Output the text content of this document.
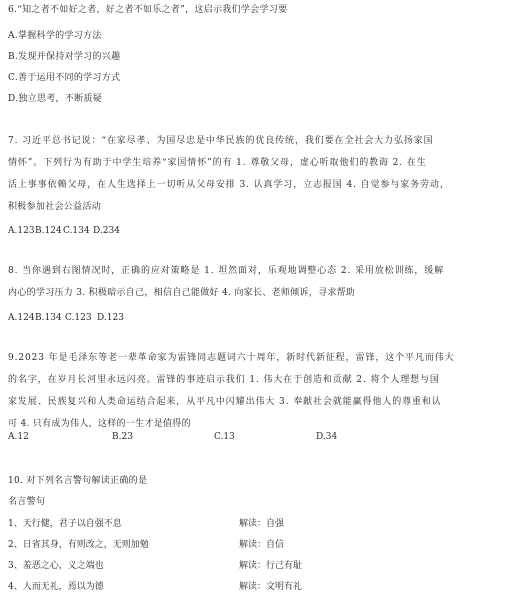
6.“知之者不如好之者，好之者不如乐之者”，这启示我们学会学习要
A.掌握科学的学习方法
B.发现并保持对学习的兴趣
C.善于运用不同的学习方式
D.独立思考，不断质疑
7. 习近平总书记说：“在家尽孝、为国尽忠是中华民族的优良传统，我们要在全社会大力弘扬家国
情怀”。下列行为有助于中学生培养“家国情怀”的有 1. 尊敬父母，虚心听取他们的教诲 2. 在生
活上事事依赖父母，在人生选择上一切听从父母安排 3. 认真学习，立志报国 4. 自觉参与家务劳动，
积极参加社会公益活动
A.123 B.124 C.134 D.234
8. 当你遇到右图情况时，正确的应对策略是 1. 坦然面对，乐观地调整心态 2. 采用放松训练，缓解
内心的学习压力 3. 积极暗示自己，相信自己能做好 4. 向家长、老师倾诉，寻求帮助
A.124 B.134 C.123 D.123
9.2023 年是毛泽东等老一辈革命家为雷锋同志题词六十周年，新时代新征程，雷锋，这个平凡而伟大
的名字，在岁月长河里永远闪亮。雷锋的事迹启示我们 1. 伟大在于创造和贡献 2. 将个人理想与国
家发展、民族复兴和人类命运结合起来，从平凡中闪耀出伟大 3. 奉献社会就能赢得他人的尊重和认
可 4. 只有成为伟人，这样的一生才是值得的
A.12	B.23	C.13	D.34
10. 对下列名言警句解读正确的是
名言警句
1、天行健，君子以自强不息	解读：自强
2、日省其身，有则改之，无则加勉	解读：自信
3、羞恶之心，义之端也	解读：行己有耻
4、人而无礼，焉以为德	解读：文明有礼
